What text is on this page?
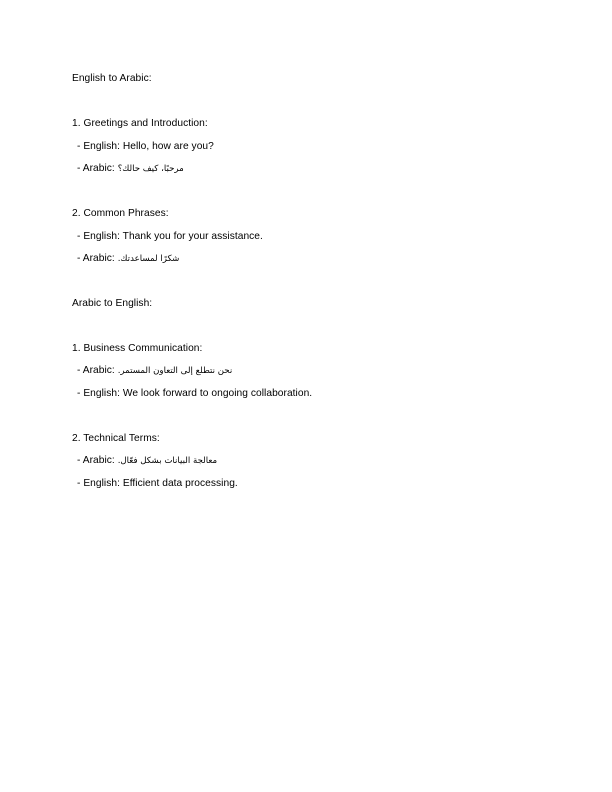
English to Arabic:
1. Greetings and Introduction:
- English: Hello, how are you?
- Arabic: مرحبًا، كيف حالك؟
2. Common Phrases:
- English: Thank you for your assistance.
- Arabic: شكرًا لمساعدتك.
Arabic to English:
1. Business Communication:
- Arabic: نحن نتطلع إلى التعاون المستمر.
- English: We look forward to ongoing collaboration.
2. Technical Terms:
- Arabic: معالجة البيانات بشكل فعّال.
- English: Efficient data processing.
